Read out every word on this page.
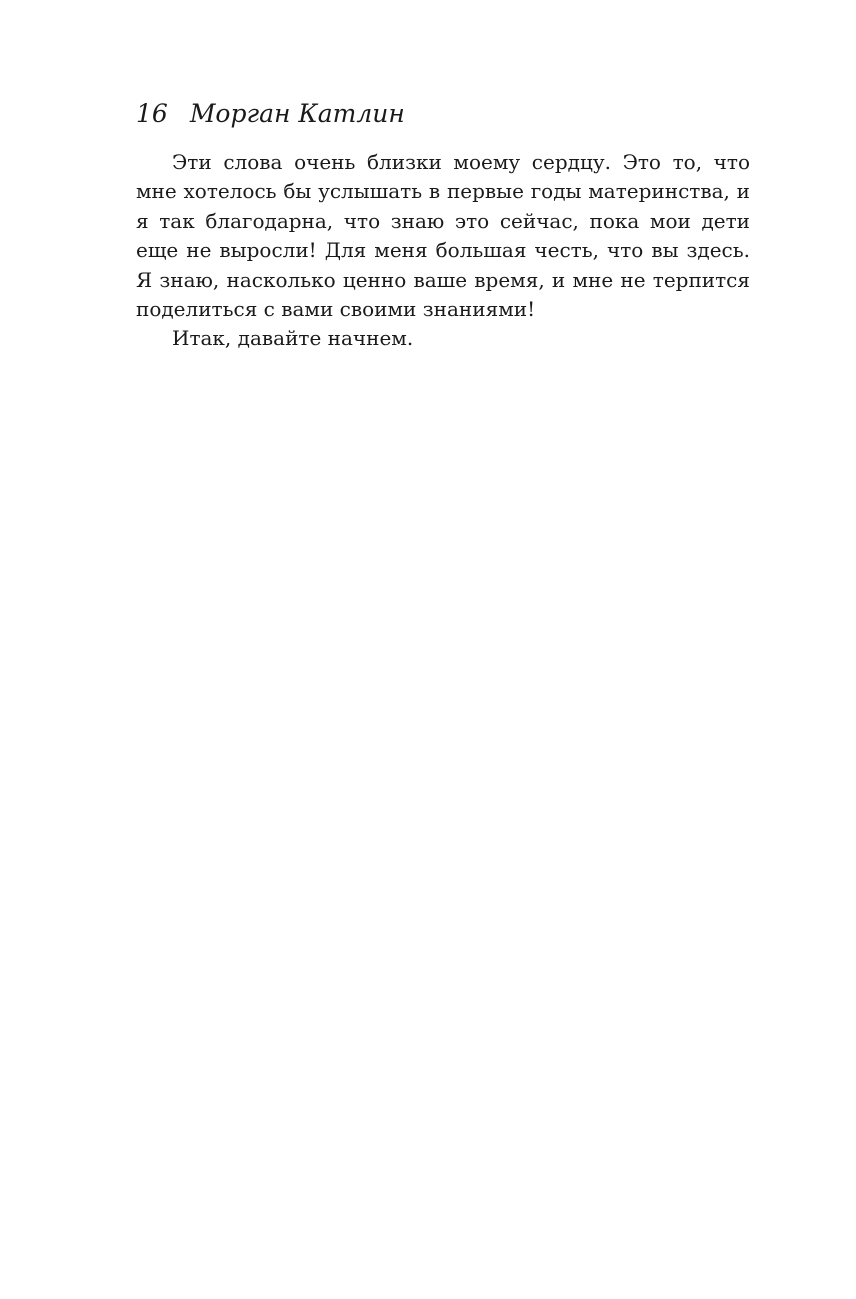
16 Морган Катлин

Эти слова очень близки моему сердцу. Это то, что мне хотелось бы услышать в первые годы материнства, и я так благодарна, что знаю это сейчас, пока мои дети еще не выросли! Для меня большая честь, что вы здесь. Я знаю, насколько ценно ваше время, и мне не терпится поделиться с вами своими знаниями!

Итак, давайте начнем.
